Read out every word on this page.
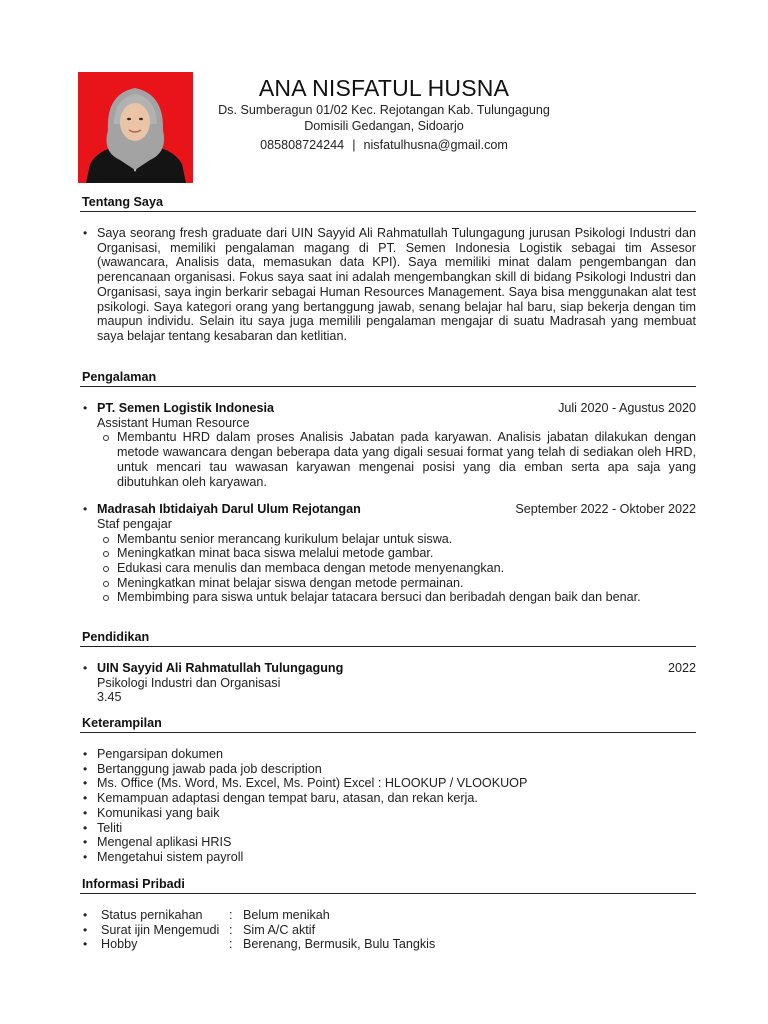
ANA NISFATUL HUSNA
Ds. Sumberagun 01/02 Kec. Rejotangan Kab. Tulungagung
Domisili Gedangan, Sidoarjo
085808724244 | nisfatulhusna@gmail.com
Tentang Saya
• Saya seorang fresh graduate dari UIN Sayyid Ali Rahmatullah Tulungagung jurusan Psikologi Industri dan Organisasi, memiliki pengalaman magang di PT. Semen Indonesia Logistik sebagai tim Assesor (wawancara, Analisis data, memasukan data KPI). Saya memiliki minat dalam pengembangan dan perencanaan organisasi. Fokus saya saat ini adalah mengembangkan skill di bidang Psikologi Industri dan Organisasi, saya ingin berkarir sebagai Human Resources Management. Saya bisa menggunakan alat test psikologi. Saya kategori orang yang bertanggung jawab, senang belajar hal baru, siap bekerja dengan tim maupun individu. Selain itu saya juga memilili pengalaman mengajar di suatu Madrasah yang membuat saya belajar tentang kesabaran dan ketlitian.
Pengalaman
• PT. Semen Logistik Indonesia	Juli 2020 - Agustus 2020
Assistant Human Resource
Membantu HRD dalam proses Analisis Jabatan pada karyawan. Analisis jabatan dilakukan dengan metode wawancara dengan beberapa data yang digali sesuai format yang telah di sediakan oleh HRD, untuk mencari tau wawasan karyawan mengenai posisi yang dia emban serta apa saja yang dibutuhkan oleh karyawan.
• Madrasah Ibtidaiyah Darul Ulum Rejotangan	September 2022 - Oktober 2022
Staf pengajar
Membantu senior merancang kurikulum belajar untuk siswa.
Meningkatkan minat baca siswa melalui metode gambar.
Edukasi cara menulis dan membaca dengan metode menyenangkan.
Meningkatkan minat belajar siswa dengan metode permainan.
Membimbing para siswa untuk belajar tatacara bersuci dan beribadah dengan baik dan benar.
Pendidikan
• UIN Sayyid Ali Rahmatullah Tulungagung	2022
Psikologi Industri dan Organisasi
3.45
Keterampilan
• Pengarsipan dokumen
• Bertanggung jawab pada job description
• Ms. Office (Ms. Word, Ms. Excel, Ms. Point) Excel : HLOOKUP / VLOOKUOP
• Kemampuan adaptasi dengan tempat baru, atasan, dan rekan kerja.
• Komunikasi yang baik
• Teliti
• Mengenal aplikasi HRIS
• Mengetahui sistem payroll
Informasi Pribadi
• Status pernikahan : Belum menikah
• Surat ijin Mengemudi : Sim A/C aktif
• Hobby	: Berenang, Bermusik, Bulu Tangkis
